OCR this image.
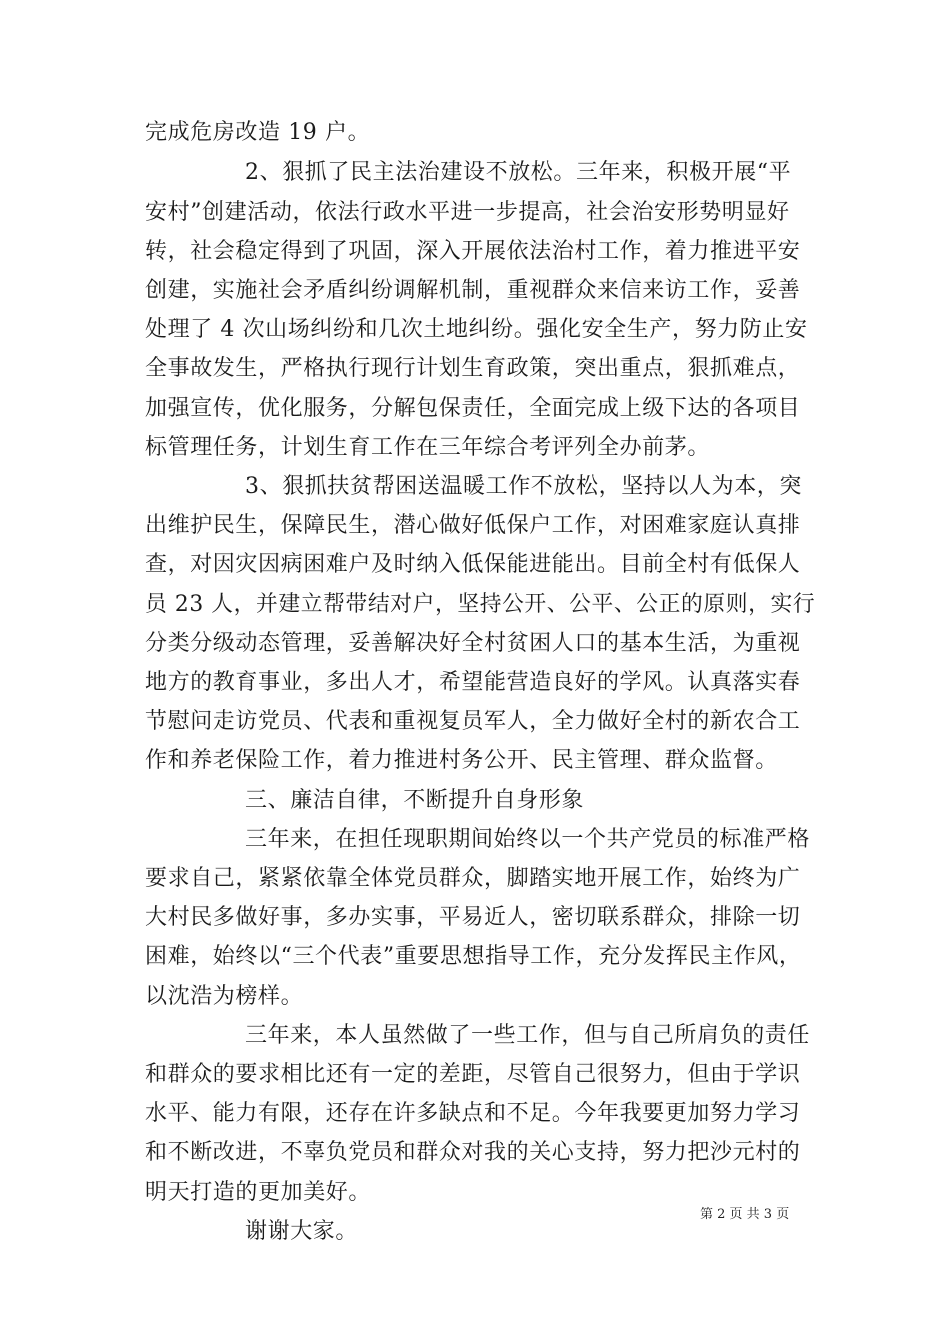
完成危房改造 19 户。
2、狠抓了民主法治建设不放松。三年来，积极开展“平
安村”创建活动，依法行政水平进一步提高，社会治安形势明显好
转，社会稳定得到了巩固，深入开展依法治村工作，着力推进平安
创建，实施社会矛盾纠纷调解机制，重视群众来信来访工作，妥善
处理了 4 次山场纠纷和几次土地纠纷。强化安全生产，努力防止安
全事故发生，严格执行现行计划生育政策，突出重点，狠抓难点，
加强宣传，优化服务，分解包保责任，全面完成上级下达的各项目
标管理任务，计划生育工作在三年综合考评列全办前茅。
3、狠抓扶贫帮困送温暖工作不放松，坚持以人为本，突
出维护民生，保障民生，潜心做好低保户工作，对困难家庭认真排
查，对因灾因病困难户及时纳入低保能进能出。目前全村有低保人
员 23 人，并建立帮带结对户，坚持公开、公平、公正的原则，实行
分类分级动态管理，妥善解决好全村贫困人口的基本生活，为重视
地方的教育事业，多出人才，希望能营造良好的学风。认真落实春
节慰问走访党员、代表和重视复员军人，全力做好全村的新农合工
作和养老保险工作，着力推进村务公开、民主管理、群众监督。
三、廉洁自律，不断提升自身形象
三年来，在担任现职期间始终以一个共产党员的标准严格
要求自己，紧紧依靠全体党员群众，脚踏实地开展工作，始终为广
大村民多做好事，多办实事，平易近人，密切联系群众，排除一切
困难，始终以“三个代表”重要思想指导工作，充分发挥民主作风，
以沈浩为榜样。
三年来，本人虽然做了一些工作，但与自己所肩负的责任
和群众的要求相比还有一定的差距，尽管自己很努力，但由于学识
水平、能力有限，还存在许多缺点和不足。今年我要更加努力学习
和不断改进，不辜负党员和群众对我的关心支持，努力把沙元村的
明天打造的更加美好。
谢谢大家。
第 2 页 共 3 页
